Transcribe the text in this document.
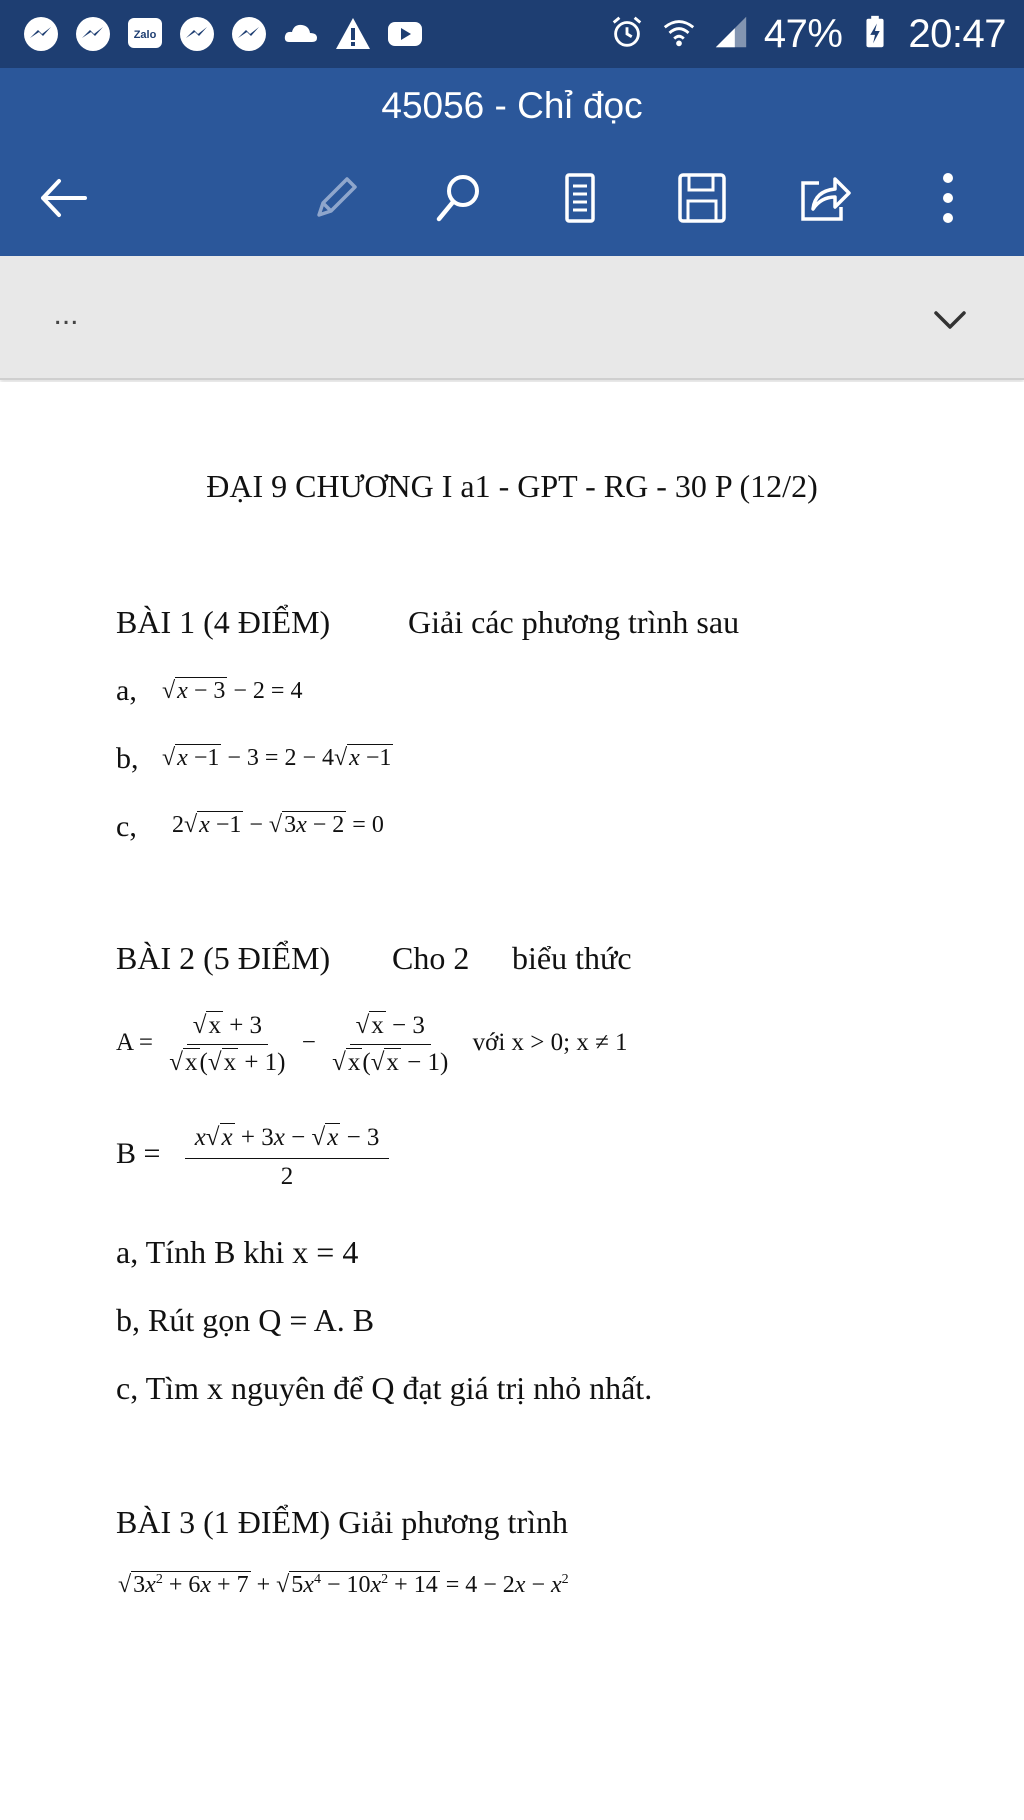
Zalo	47% 20:47
45056 - Chỉ đọc
...
ĐẠI 9 CHƯƠNG I a1 - GPT - RG - 30 P (12/2)
BÀI 1 (4 ĐIỂM) Giải các phương trình sau
a, √x − 3 − 2 = 4
b, √x −1 − 3 = 2 − 4√x −1
c, 2√x −1 − √3x − 2 = 0
BÀI 2 (5 ĐIỂM) Cho 2 biểu thức
$A = \frac{√x + 3}{√x(√x + 1)} - \frac{√x - 3}{√x(√x - 1)}$ với x > 0; x ≠ 1
$B = \frac{x√x + 3x - √x - 3}{2}$
a, Tính B khi x = 4
b, Rút gọn Q = A. B
c, Tìm x nguyên để Q đạt giá trị nhỏ nhất.
BÀI 3 (1 ĐIỂM) Giải phương trình
$√3x^2 + 6x + 7 + √5x^4 - 10x^2 + 14 = 4 - 2x - x^2$
